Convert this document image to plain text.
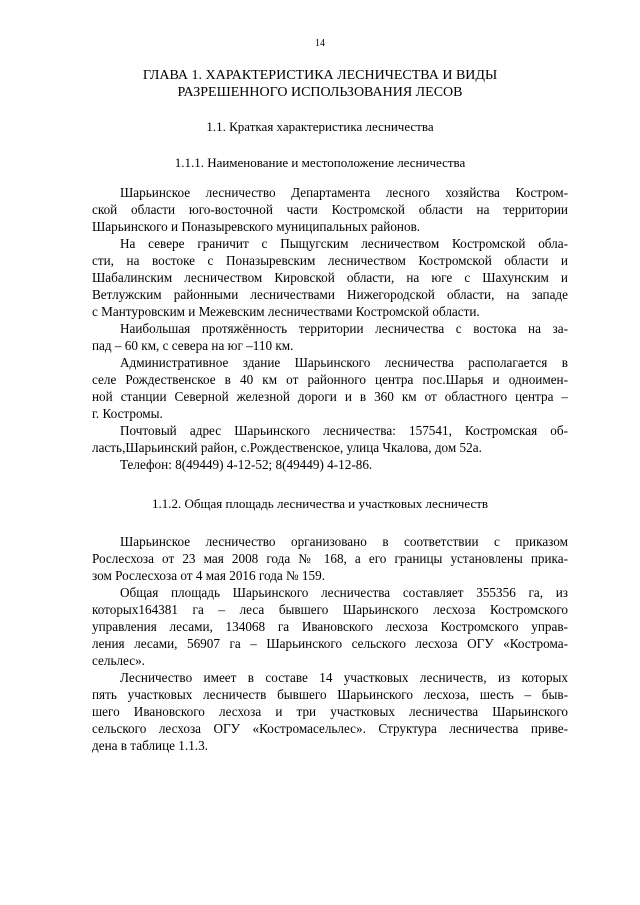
14
ГЛАВА 1. ХАРАКТЕРИСТИКА ЛЕСНИЧЕСТВА И ВИДЫ
РАЗРЕШЕННОГО ИСПОЛЬЗОВАНИЯ ЛЕСОВ
1.1. Краткая характеристика лесничества
1.1.1. Наименование и местоположение лесничества

Шарьинское лесничество Департамента лесного хозяйства Костром-
ской области юго-восточной части Костромской области на территории
Шарьинского и Поназыревского муниципальных районов.

На севере граничит с Пыщугским лесничеством Костромской обла-
сти, на востоке с Поназыревским лесничеством Костромской области и
Шабалинским лесничеством Кировской области, на юге с Шахунским и
Ветлужским районными лесничествами Нижегородской области, на западе
с Мантуровским и Межевским лесничествами Костромской области.

Наибольшая протяжённость территории лесничества с востока на за-
пад – 60 км, с севера на юг –110 км.

Административное здание Шарьинского лесничества располагается в
селе Рождественское в 40 км от районного центра пос.Шарья и одноимен-
ной станции Северной железной дороги и в 360 км от областного центра –
г. Костромы.

Почтовый адрес Шарьинского лесничества: 157541, Костромская об-
ласть,Шарьинский район, с.Рождественское, улица Чкалова, дом 52а.

Телефон: 8(49449) 4-12-52; 8(49449) 4-12-86.

1.1.2. Общая площадь лесничества и участковых лесничеств

Шарьинское лесничество организовано в соответствии с приказом
Рослесхоза от 23 мая 2008 года № 168, а его границы установлены прика-
зом Рослесхоза от 4 мая 2016 года № 159.

Общая площадь Шарьинского лесничества составляет 355356 га, из
которых164381 га – леса бывшего Шарьинского лесхоза Костромского
управления лесами, 134068 га Ивановского лесхоза Костромского управ-
ления лесами, 56907 га – Шарьинского сельского лесхоза ОГУ «Кострома-
сельлес».

Лесничество имеет в составе 14 участковых лесничеств, из которых
пять участковых лесничеств бывшего Шарьинского лесхоза, шесть – быв-
шего Ивановского лесхоза и три участковых лесничества Шарьинского
сельского лесхоза ОГУ «Костромасельлес». Структура лесничества приве-
дена в таблице 1.1.3.
